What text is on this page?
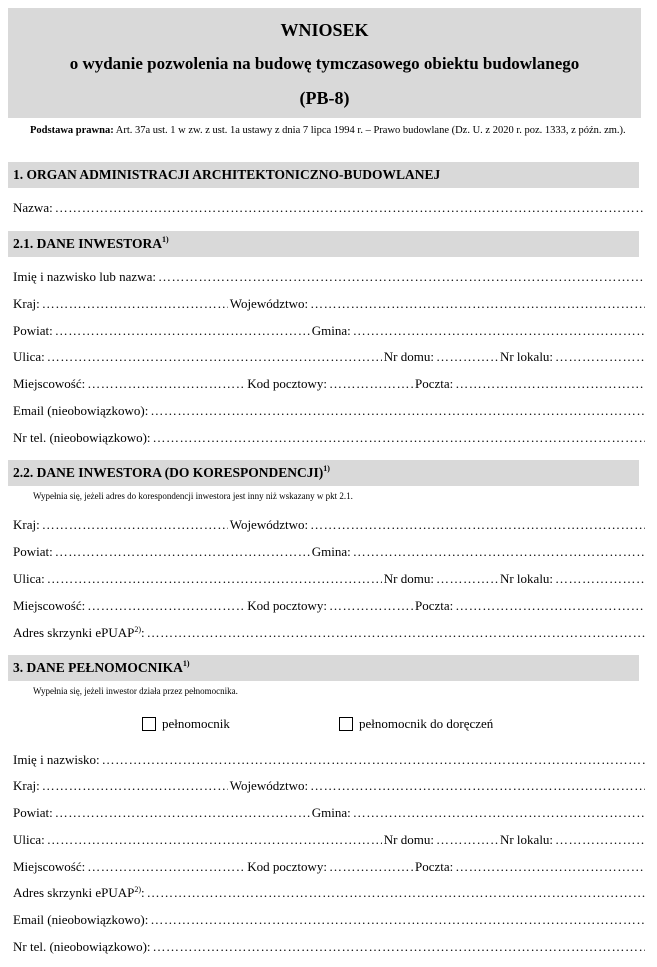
WNIOSEK
o wydanie pozwolenia na budowę tymczasowego obiektu budowlanego
(PB-8)
Podstawa prawna: Art. 37a ust. 1 w zw. z ust. 1a ustawy z dnia 7 lipca 1994 r. – Prawo budowlane (Dz. U. z 2020 r. poz. 1333, z późn. zm.).
1. ORGAN ADMINISTRACJI ARCHITEKTONICZNO-BUDOWLANEJ
Nazwa:
……………………………………………………………………………………………………………………………………………………………………………………………
2.1. DANE INWESTORA$^{1)}$
Imię i nazwisko lub nazwa:
……………………………………………………………………………………………………………………………………………………………………………………………
Kraj: ……………………………………………………………………………………………………………………………………………………………………………………………	Województwo:
……………………………………………………………………………………………………………………………………………………………………………………………
Powiat: ……………………………………………………………………………………………………………………………………………………………………………………………	Gmina:
……………………………………………………………………………………………………………………………………………………………………………………………
Ulica: ……………………………………………………………………………………………………………………………………………………………………………………………	Nr domu: ……………………………………………………………………………………………………………………………………………………………………………………………	Nr lokalu:
……………………………………………………………………………………………………………………………………………………………………………………………
Miejscowość: ……………………………………………………………………………………………………………………………………………………………………………………………	Kod pocztowy: ……………………………………………………………………………………………………………………………………………………………………………………………	Poczta:
……………………………………………………………………………………………………………………………………………………………………………………………
Email (nieobowiązkowo):
……………………………………………………………………………………………………………………………………………………………………………………………
Nr tel. (nieobowiązkowo):
……………………………………………………………………………………………………………………………………………………………………………………………
2.2. DANE INWESTORA (DO KORESPONDENCJI)$^{1)}$
Wypełnia się, jeżeli adres do korespondencji inwestora jest inny niż wskazany w pkt 2.1.
Kraj: ……………………………………………………………………………………………………………………………………………………………………………………………	Województwo:
……………………………………………………………………………………………………………………………………………………………………………………………
Powiat: ……………………………………………………………………………………………………………………………………………………………………………………………	Gmina:
……………………………………………………………………………………………………………………………………………………………………………………………
Ulica: ……………………………………………………………………………………………………………………………………………………………………………………………	Nr domu: ……………………………………………………………………………………………………………………………………………………………………………………………	Nr lokalu:
……………………………………………………………………………………………………………………………………………………………………………………………
Miejscowość: ……………………………………………………………………………………………………………………………………………………………………………………………	Kod pocztowy: ……………………………………………………………………………………………………………………………………………………………………………………………	Poczta:
……………………………………………………………………………………………………………………………………………………………………………………………
Adres skrzynki ePUAP$^{2)}$:
……………………………………………………………………………………………………………………………………………………………………………………………
3. DANE PEŁNOMOCNIKA$^{1)}$
Wypełnia się, jeżeli inwestor działa przez pełnomocnika.
pełnomocnik	pełnomocnik do doręczeń
Imię i nazwisko:
……………………………………………………………………………………………………………………………………………………………………………………………
Kraj: ……………………………………………………………………………………………………………………………………………………………………………………………	Województwo:
……………………………………………………………………………………………………………………………………………………………………………………………
Powiat: ……………………………………………………………………………………………………………………………………………………………………………………………	Gmina:
……………………………………………………………………………………………………………………………………………………………………………………………
Ulica: ……………………………………………………………………………………………………………………………………………………………………………………………	Nr domu: ……………………………………………………………………………………………………………………………………………………………………………………………	Nr lokalu:
……………………………………………………………………………………………………………………………………………………………………………………………
Miejscowość: ……………………………………………………………………………………………………………………………………………………………………………………………	Kod pocztowy: ……………………………………………………………………………………………………………………………………………………………………………………………	Poczta:
……………………………………………………………………………………………………………………………………………………………………………………………
Adres skrzynki ePUAP$^{2)}$:
……………………………………………………………………………………………………………………………………………………………………………………………
Email (nieobowiązkowo):
……………………………………………………………………………………………………………………………………………………………………………………………
Nr tel. (nieobowiązkowo):
……………………………………………………………………………………………………………………………………………………………………………………………
